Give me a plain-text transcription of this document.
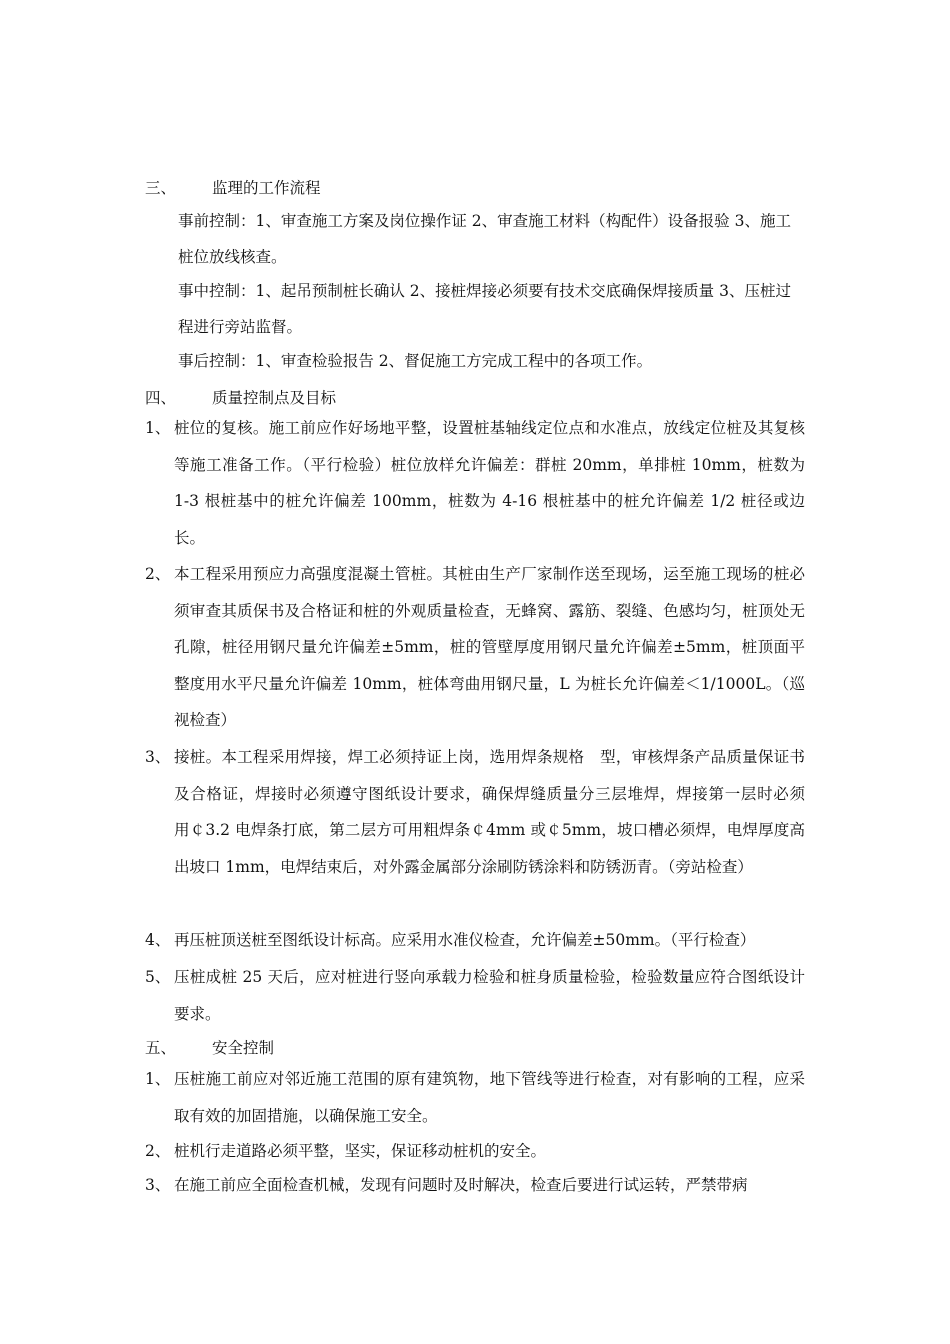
三、 监理的工作流程
事前控制：1、审查施工方案及岗位操作证 2、审查施工材料（构配件）设备报验 3、施工桩位放线核查。
事中控制：1、起吊预制桩长确认 2、接桩焊接必须要有技术交底确保焊接质量 3、压桩过程进行旁站监督。
事后控制：1、审查检验报告 2、督促施工方完成工程中的各项工作。
四、 质量控制点及目标
1、 桩位的复核。施工前应作好场地平整，设置桩基轴线定位点和水准点，放线定位桩及其复核等施工准备工作。（平行检验）桩位放样允许偏差：群桩 20mm，单排桩 10mm，桩数为 1-3 根桩基中的桩允许偏差 100mm，桩数为 4-16 根桩基中的桩允许偏差 1/2 桩径或边长。
2、 本工程采用预应力高强度混凝土管桩。其桩由生产厂家制作送至现场，运至施工现场的桩必须审查其质保书及合格证和桩的外观质量检查，无蜂窝、露筋、裂缝、色感均匀，桩顶处无孔隙，桩径用钢尺量允许偏差±5mm，桩的管壁厚度用钢尺量允许偏差±5mm，桩顶面平整度用水平尺量允许偏差 10mm，桩体弯曲用钢尺量，L 为桩长允许偏差＜1/1000L。（巡视检查）
3、 接桩。本工程采用焊接，焊工必须持证上岗，选用焊条规格　型，审核焊条产品质量保证书及合格证，焊接时必须遵守图纸设计要求，确保焊缝质量分三层堆焊，焊接第一层时必须用￠3.2 电焊条打底，第二层方可用粗焊条￠4mm 或￠5mm，坡口槽必须焊，电焊厚度高出坡口 1mm，电焊结束后，对外露金属部分涂刷防锈涂料和防锈沥青。（旁站检查）
4、 再压桩顶送桩至图纸设计标高。应采用水准仪检查，允许偏差±50mm。（平行检查）
5、 压桩成桩 25 天后，应对桩进行竖向承载力检验和桩身质量检验，检验数量应符合图纸设计要求。
五、 安全控制
1、 压桩施工前应对邻近施工范围的原有建筑物，地下管线等进行检查，对有影响的工程，应采取有效的加固措施，以确保施工安全。
2、 桩机行走道路必须平整，坚实，保证移动桩机的安全。
3、 在施工前应全面检查机械，发现有问题时及时解决，检查后要进行试运转，严禁带病
